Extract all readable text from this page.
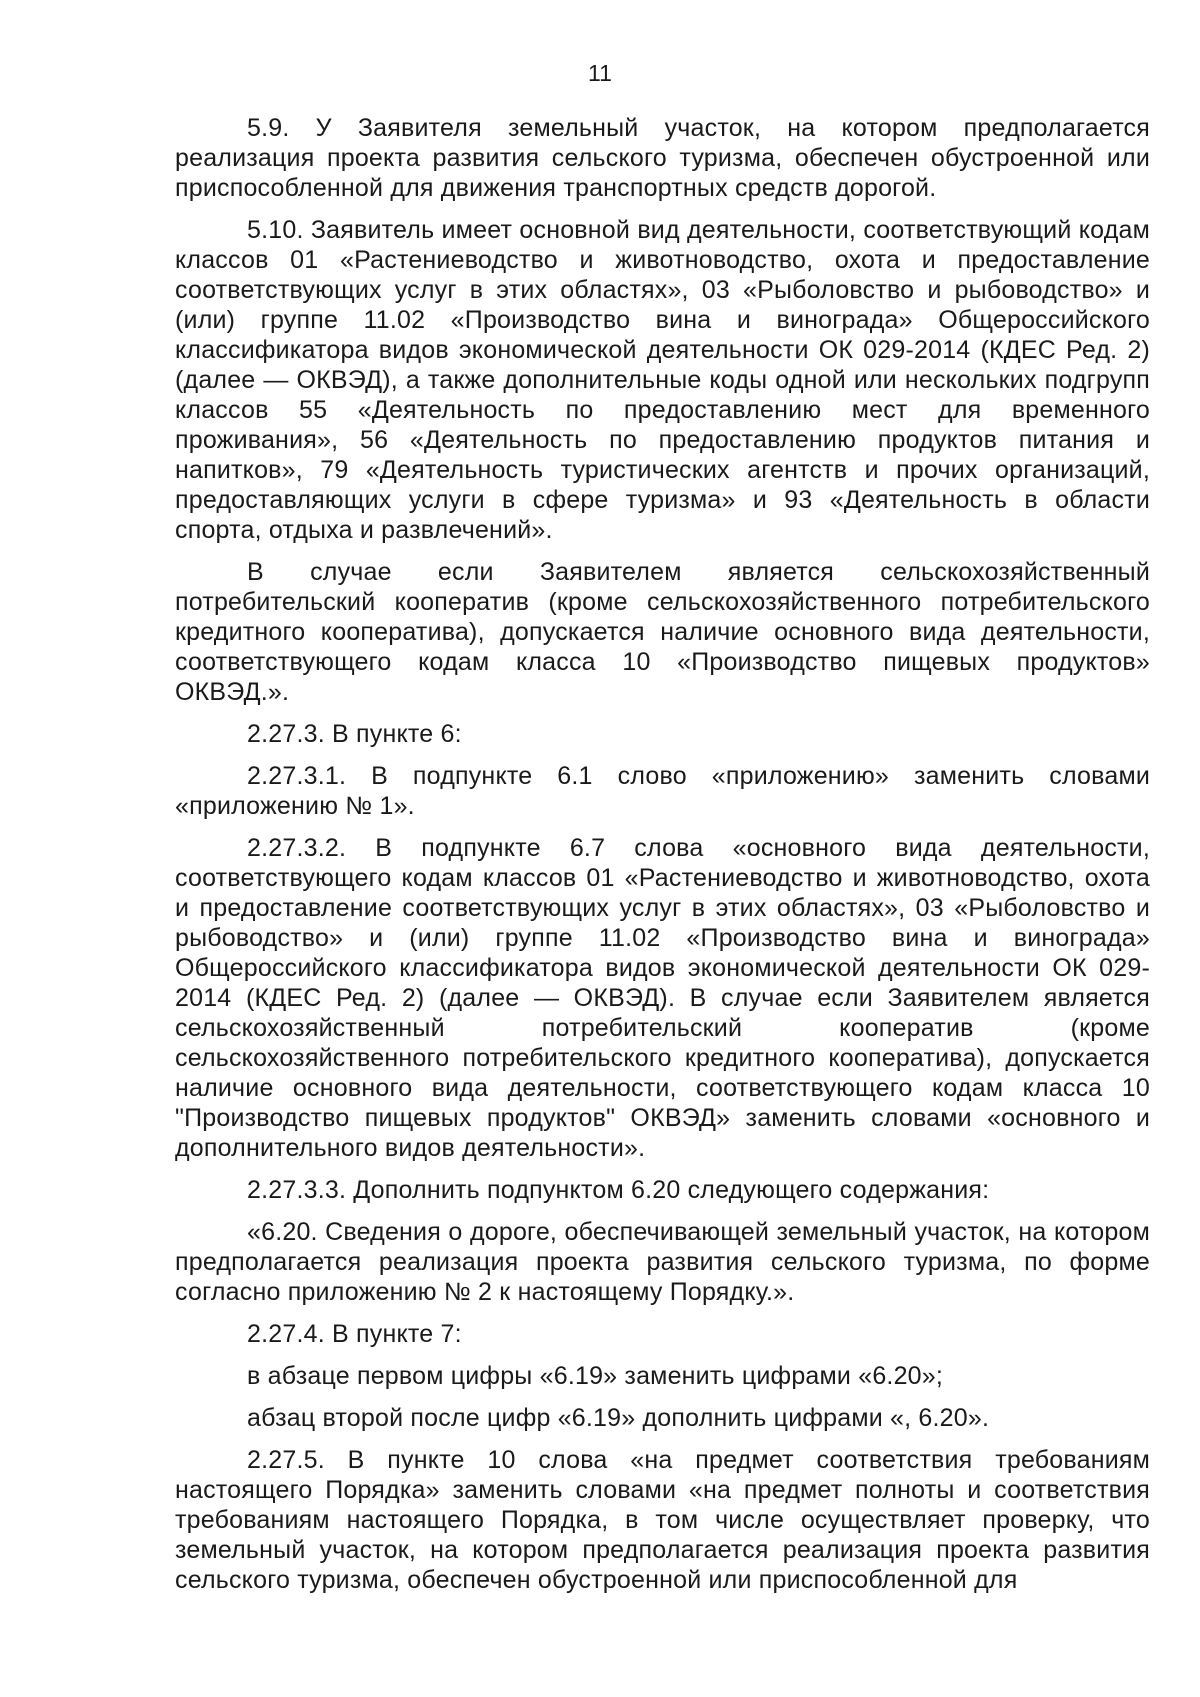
11

5.9. У Заявителя земельный участок, на котором предполагается реализация проекта развития сельского туризма, обеспечен обустроенной или приспособленной для движения транспортных средств дорогой.

5.10. Заявитель имеет основной вид деятельности, соответствующий кодам классов 01 «Растениеводство и животноводство, охота и предоставление соответствующих услуг в этих областях», 03 «Рыболовство и рыбоводство» и (или) группе 11.02 «Производство вина и винограда» Общероссийского классификатора видов экономической деятельности ОК 029-2014 (КДЕС Ред. 2) (далее — ОКВЭД), а также дополнительные коды одной или нескольких подгрупп классов 55 «Деятельность по предоставлению мест для временного проживания», 56 «Деятельность по предоставлению продуктов питания и напитков», 79 «Деятельность туристических агентств и прочих организаций, предоставляющих услуги в сфере туризма» и 93 «Деятельность в области спорта, отдыха и развлечений».

В случае если Заявителем является сельскохозяйственный потребительский кооператив (кроме сельскохозяйственного потребительского кредитного кооператива), допускается наличие основного вида деятельности, соответствующего кодам класса 10 «Производство пищевых продуктов» ОКВЭД.».

2.27.3. В пункте 6:

2.27.3.1. В подпункте 6.1 слово «приложению» заменить словами «приложению № 1».

2.27.3.2. В подпункте 6.7 слова «основного вида деятельности, соответствующего кодам классов 01 «Растениеводство и животноводство, охота и предоставление соответствующих услуг в этих областях», 03 «Рыболовство и рыбоводство» и (или) группе 11.02 «Производство вина и винограда» Общероссийского классификатора видов экономической деятельности ОК 029-2014 (КДЕС Ред. 2) (далее — ОКВЭД). В случае если Заявителем является сельскохозяйственный потребительский кооператив (кроме сельскохозяйственного потребительского кредитного кооператива), допускается наличие основного вида деятельности, соответствующего кодам класса 10 "Производство пищевых продуктов" ОКВЭД» заменить словами «основного и дополнительного видов деятельности».

2.27.3.3. Дополнить подпунктом 6.20 следующего содержания:

«6.20. Сведения о дороге, обеспечивающей земельный участок, на котором предполагается реализация проекта развития сельского туризма, по форме согласно приложению № 2 к настоящему Порядку.».

2.27.4. В пункте 7:

в абзаце первом цифры «6.19» заменить цифрами «6.20»;

абзац второй после цифр «6.19» дополнить цифрами «, 6.20».

2.27.5. В пункте 10 слова «на предмет соответствия требованиям настоящего Порядка» заменить словами «на предмет полноты и соответствия требованиям настоящего Порядка, в том числе осуществляет проверку, что земельный участок, на котором предполагается реализация проекта развития сельского туризма, обеспечен обустроенной или приспособленной для
